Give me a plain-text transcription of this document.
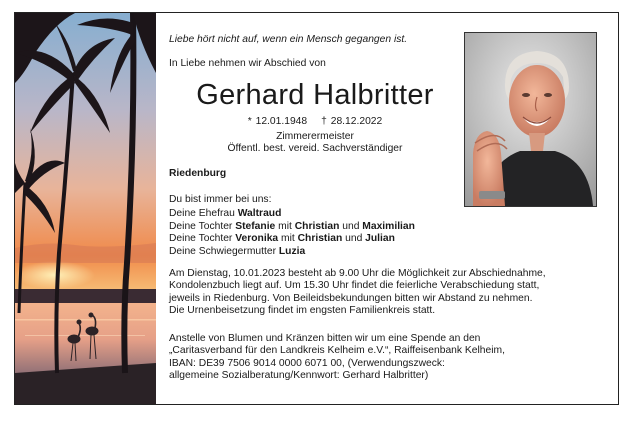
Liebe hört nicht auf, wenn ein Mensch gegangen ist.
In Liebe nehmen wir Abschied von
Gerhard Halbritter
* 12.01.1948 † 28.12.2022
Zimmerermeister
Öffentl. best. vereid. Sachverständiger
Riedenburg
Du bist immer bei uns:
Deine Ehefrau Waltraud
Deine Tochter Stefanie mit Christian und Maximilian
Deine Tochter Veronika mit Christian und Julian
Deine Schwiegermutter Luzia
Am Dienstag, 10.01.2023 besteht ab 9.00 Uhr die Möglichkeit zur Abschiednahme,
Kondolenzbuch liegt auf. Um 15.30 Uhr findet die feierliche Verabschiedung statt,
jeweils in Riedenburg. Von Beileidsbekundungen bitten wir Abstand zu nehmen.
Die Urnenbeisetzung findet im engsten Familienkreis statt.
Anstelle von Blumen und Kränzen bitten wir um eine Spende an den
„Caritasverband für den Landkreis Kelheim e.V.“, Raiffeisenbank Kelheim,
IBAN: DE39 7506 9014 0000 6071 00, (Verwendungszweck:
allgemeine Sozialberatung/Kennwort: Gerhard Halbritter)
